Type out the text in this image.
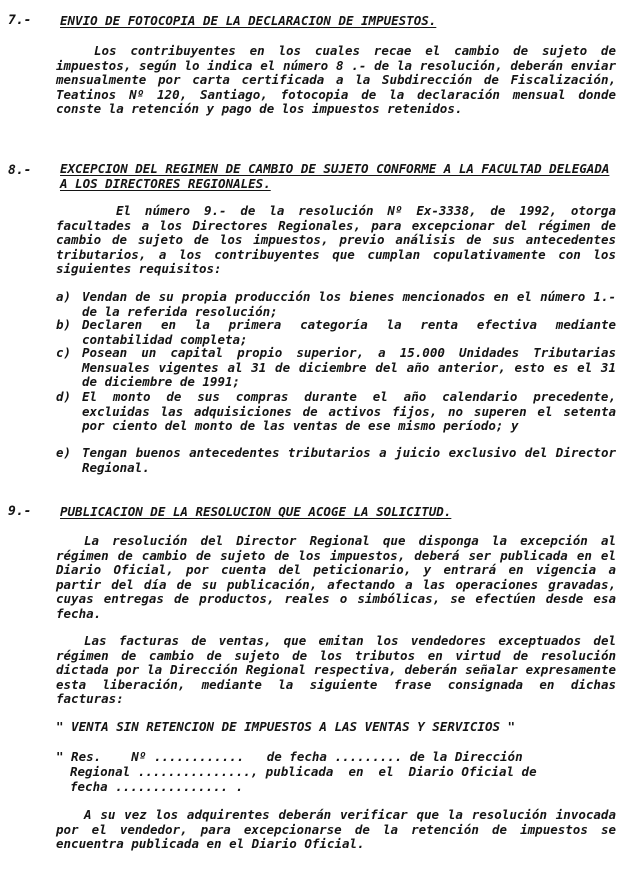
7.- ENVIO DE FOTOCOPIA DE LA DECLARACION DE IMPUESTOS.
Los contribuyentes en los cuales recae el cambio de sujeto de impuestos, según lo indica el número 8 .- de la resolución, deberán enviar mensualmente por carta certificada a la Subdirección de Fiscalización, Teatinos Nº 120, Santiago, fotocopia de la declaración mensual donde conste la retención y pago de los impuestos retenidos.
8.- EXCEPCION DEL REGIMEN DE CAMBIO DE SUJETO CONFORME A LA FACULTAD DELEGADA A LOS DIRECTORES REGIONALES.
El número 9.- de la resolución Nº Ex-3338, de 1992, otorga facultades a los Directores Regionales, para excepcionar del régimen de cambio de sujeto de los impuestos, previo análisis de sus antecedentes tributarios, a los contribuyentes que cumplan copulativamente con los siguientes requisitos:
a) Vendan de su propia producción los bienes mencionados en el número 1.- de la referida resolución;
b) Declaren en la primera categoría la renta efectiva mediante contabilidad completa;
c) Posean un capital propio superior, a 15.000 Unidades Tributarias Mensuales vigentes al 31 de diciembre del año anterior, esto es el 31 de diciembre de 1991;
d) El monto de sus compras durante el año calendario precedente, excluidas las adquisiciones de activos fijos, no superen el setenta por ciento del monto de las ventas de ese mismo período; y
e) Tengan buenos antecedentes tributarios a juicio exclusivo del Director Regional.
9.- PUBLICACION DE LA RESOLUCION QUE ACOGE LA SOLICITUD.
La resolución del Director Regional que disponga la excepción al régimen de cambio de sujeto de los impuestos, deberá ser publicada en el Diario Oficial, por cuenta del peticionario, y entrará en vigencia a partir del día de su publicación, afectando a las operaciones gravadas, cuyas entregas de productos, reales o simbólicas, se efectúen desde esa fecha.
Las facturas de ventas, que emitan los vendedores exceptuados del régimen de cambio de sujeto de los tributos en virtud de resolución dictada por la Dirección Regional respectiva, deberán señalar expresamente esta liberación, mediante la siguiente frase consignada en dichas facturas:
" VENTA SIN RETENCION DE IMPUESTOS A LAS VENTAS Y SERVICIOS "
" Res.    Nº ............   de fecha ......... de la Dirección
Regional ..............., publicada  en  el  Diario Oficial de
fecha ............... .
A su vez los adquirentes deberán verificar que la resolución invocada por el vendedor, para excepcionarse de la retención de impuestos se encuentra publicada en el Diario Oficial.
